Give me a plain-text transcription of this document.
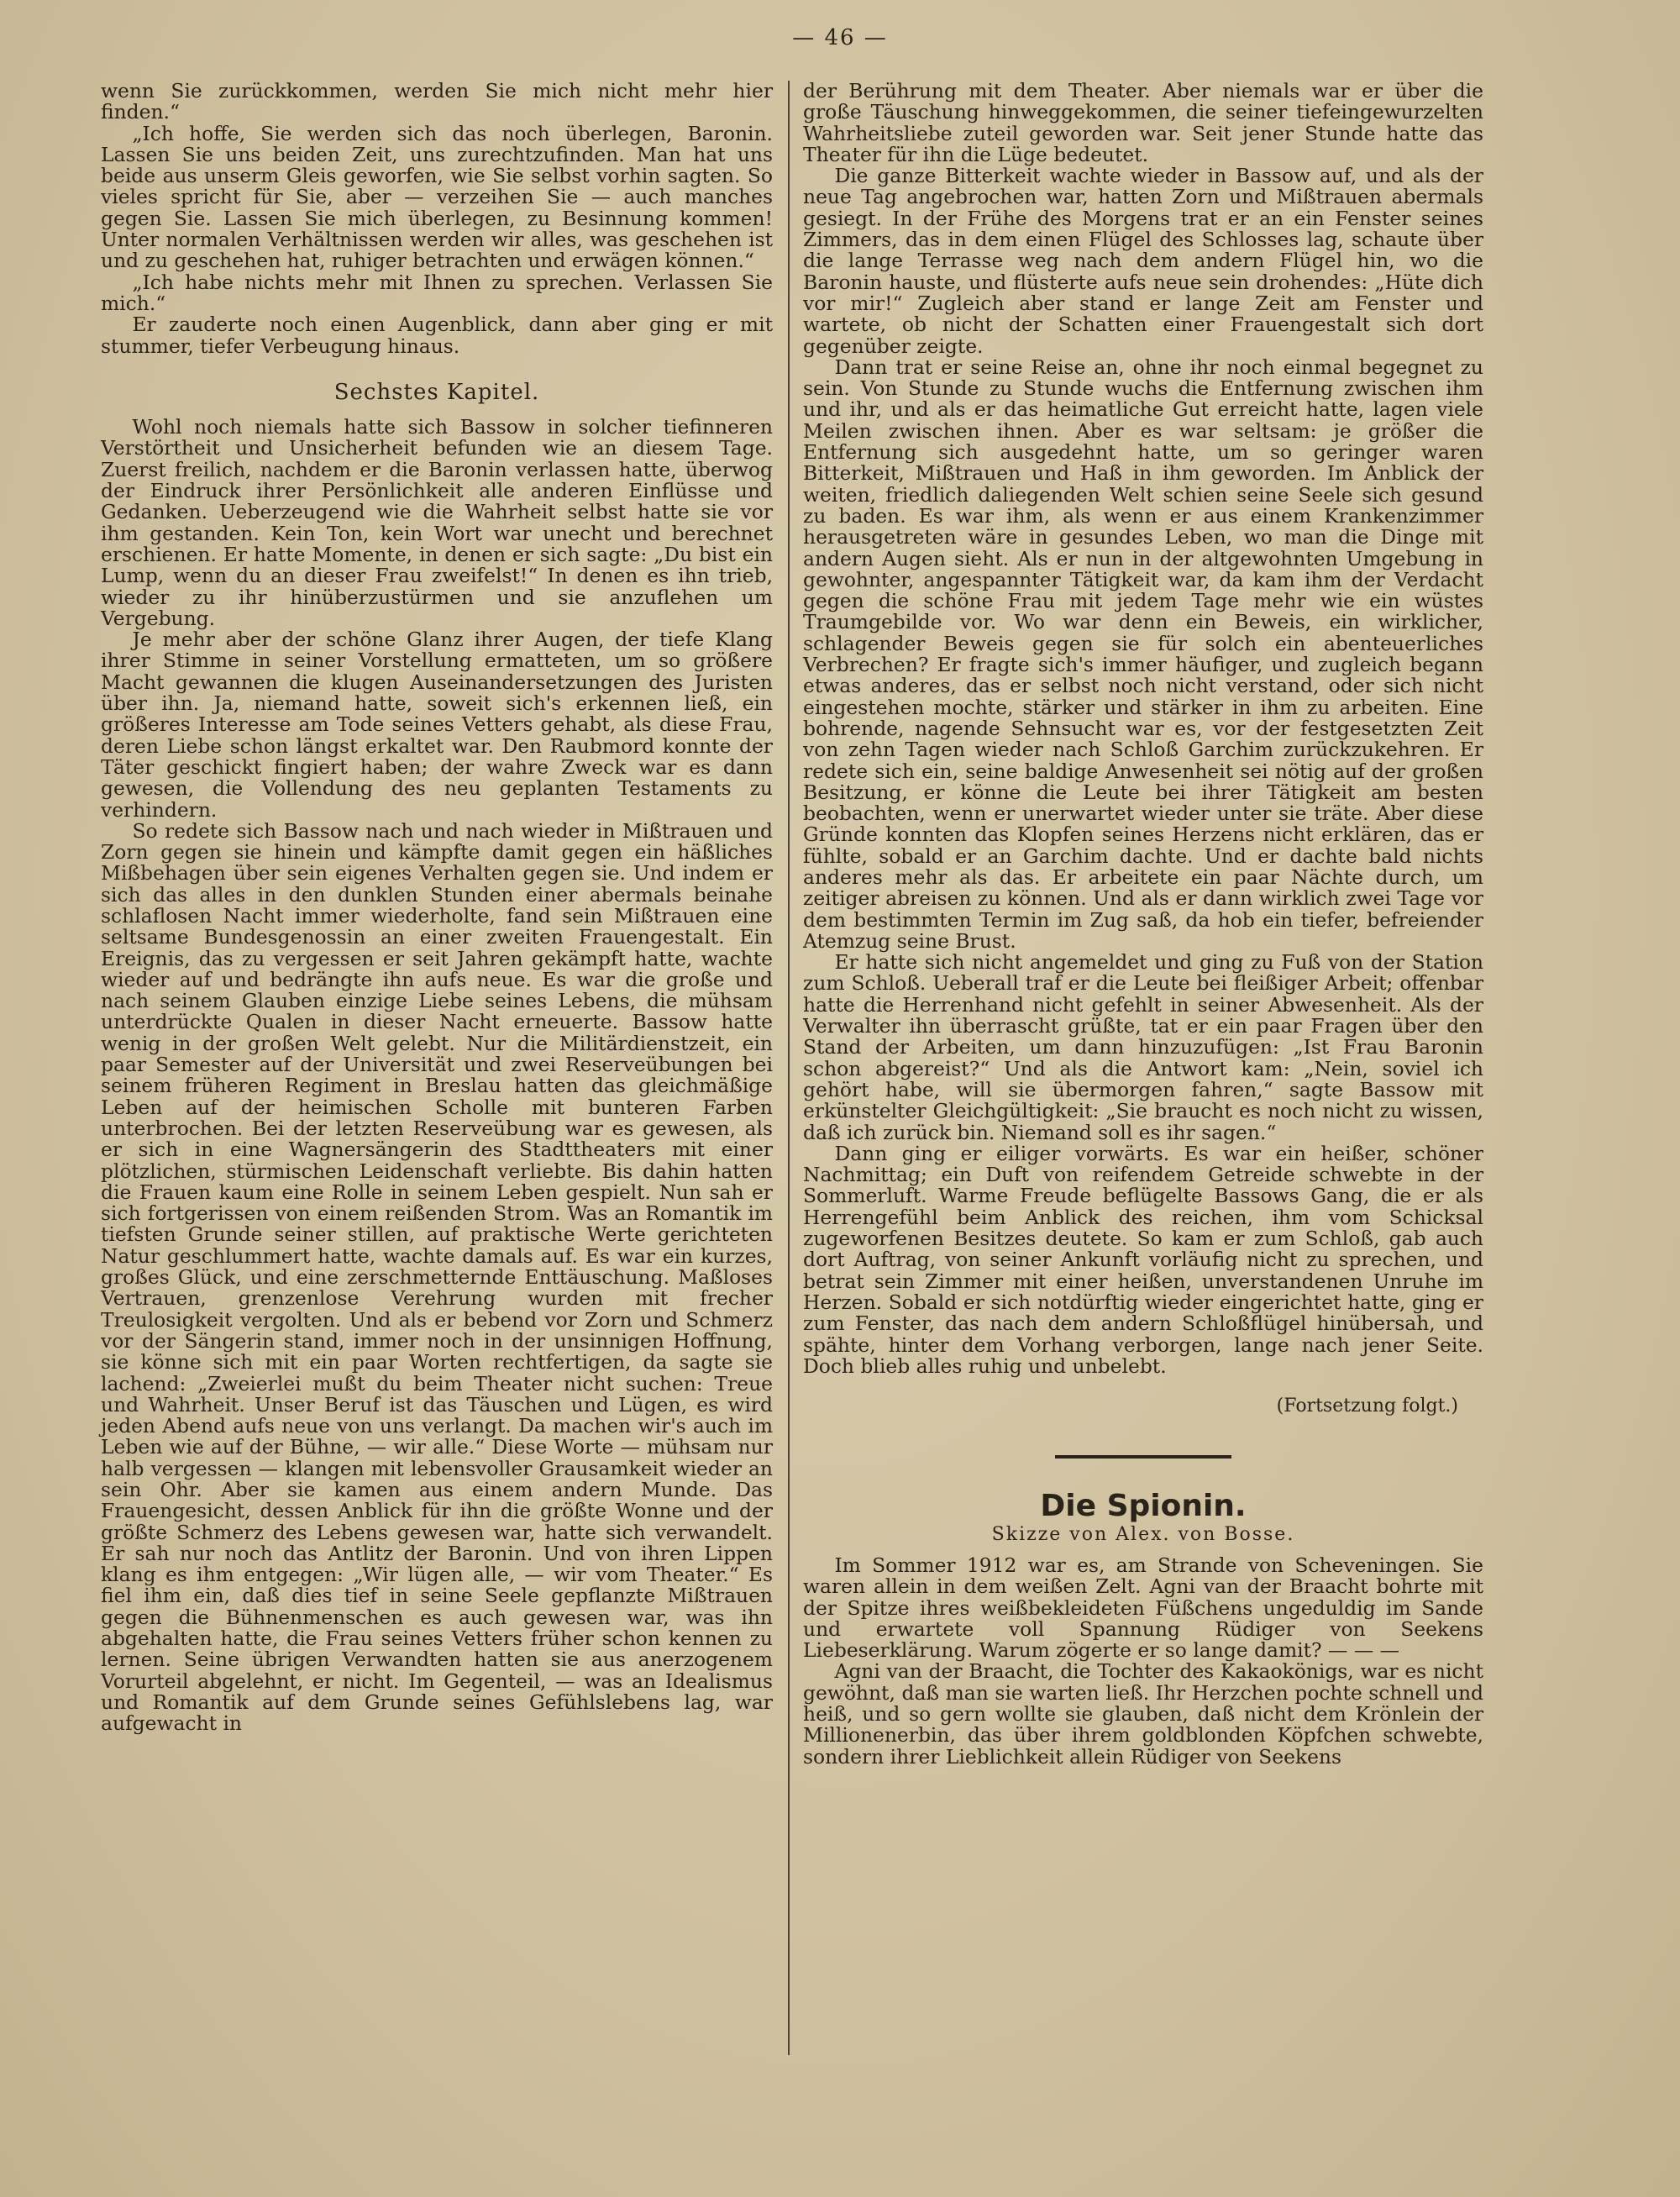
— 46 —

wenn Sie zurückkommen, werden Sie mich nicht mehr hier finden.“

„Ich hoffe, Sie werden sich das noch überlegen, Baronin. Lassen Sie uns beiden Zeit, uns zurechtzufinden. Man hat uns beide aus unserm Gleis geworfen, wie Sie selbst vorhin sagten. So vieles spricht für Sie, aber — verzeihen Sie — auch manches gegen Sie. Lassen Sie mich überlegen, zu Besinnung kommen! Unter normalen Verhältnissen werden wir alles, was geschehen ist und zu geschehen hat, ruhiger betrachten und erwägen können.“

„Ich habe nichts mehr mit Ihnen zu sprechen. Verlassen Sie mich.“

Er zauderte noch einen Augenblick, dann aber ging er mit stummer, tiefer Verbeugung hinaus.

Sechstes Kapitel.

Wohl noch niemals hatte sich Bassow in solcher tiefinneren Verstörtheit und Unsicherheit befunden wie an diesem Tage. Zuerst freilich, nachdem er die Baronin verlassen hatte, überwog der Eindruck ihrer Persönlichkeit alle anderen Einflüsse und Gedanken. Ueberzeugend wie die Wahrheit selbst hatte sie vor ihm gestanden. Kein Ton, kein Wort war unecht und berechnet erschienen. Er hatte Momente, in denen er sich sagte: „Du bist ein Lump, wenn du an dieser Frau zweifelst!“ In denen es ihn trieb, wieder zu ihr hinüberzustürmen und sie anzuflehen um Vergebung.

Je mehr aber der schöne Glanz ihrer Augen, der tiefe Klang ihrer Stimme in seiner Vorstellung ermatteten, um so größere Macht gewannen die klugen Auseinandersetzungen des Juristen über ihn. Ja, niemand hatte, soweit sich's erkennen ließ, ein größeres Interesse am Tode seines Vetters gehabt, als diese Frau, deren Liebe schon längst erkaltet war. Den Raubmord konnte der Täter geschickt fingiert haben; der wahre Zweck war es dann gewesen, die Vollendung des neu geplanten Testaments zu verhindern.

So redete sich Bassow nach und nach wieder in Mißtrauen und Zorn gegen sie hinein und kämpfte damit gegen ein häßliches Mißbehagen über sein eigenes Verhalten gegen sie. Und indem er sich das alles in den dunklen Stunden einer abermals beinahe schlaflosen Nacht immer wiederholte, fand sein Mißtrauen eine seltsame Bundesgenossin an einer zweiten Frauengestalt. Ein Ereignis, das zu vergessen er seit Jahren gekämpft hatte, wachte wieder auf und bedrängte ihn aufs neue. Es war die große und nach seinem Glauben einzige Liebe seines Lebens, die mühsam unterdrückte Qualen in dieser Nacht erneuerte. Bassow hatte wenig in der großen Welt gelebt. Nur die Militärdienstzeit, ein paar Semester auf der Universität und zwei Reserveübungen bei seinem früheren Regiment in Breslau hatten das gleichmäßige Leben auf der heimischen Scholle mit bunteren Farben unterbrochen. Bei der letzten Reserveübung war es gewesen, als er sich in eine Wagnersängerin des Stadttheaters mit einer plötzlichen, stürmischen Leidenschaft verliebte. Bis dahin hatten die Frauen kaum eine Rolle in seinem Leben gespielt. Nun sah er sich fortgerissen von einem reißenden Strom. Was an Romantik im tiefsten Grunde seiner stillen, auf praktische Werte gerichteten Natur geschlummert hatte, wachte damals auf. Es war ein kurzes, großes Glück, und eine zerschmetternde Enttäuschung. Maßloses Vertrauen, grenzenlose Verehrung wurden mit frecher Treulosigkeit vergolten. Und als er bebend vor Zorn und Schmerz vor der Sängerin stand, immer noch in der unsinnigen Hoffnung, sie könne sich mit ein paar Worten rechtfertigen, da sagte sie lachend: „Zweierlei mußt du beim Theater nicht suchen: Treue und Wahrheit. Unser Beruf ist das Täuschen und Lügen, es wird jeden Abend aufs neue von uns verlangt. Da machen wir's auch im Leben wie auf der Bühne, — wir alle.“ Diese Worte — mühsam nur halb vergessen — klangen mit lebensvoller Grausamkeit wieder an sein Ohr. Aber sie kamen aus einem andern Munde. Das Frauengesicht, dessen Anblick für ihn die größte Wonne und der größte Schmerz des Lebens gewesen war, hatte sich verwandelt. Er sah nur noch das Antlitz der Baronin. Und von ihren Lippen klang es ihm entgegen: „Wir lügen alle, — wir vom Theater.“ Es fiel ihm ein, daß dies tief in seine Seele gepflanzte Mißtrauen gegen die Bühnenmenschen es auch gewesen war, was ihn abgehalten hatte, die Frau seines Vetters früher schon kennen zu lernen. Seine übrigen Verwandten hatten sie aus anerzogenem Vorurteil abgelehnt, er nicht. Im Gegenteil, — was an Idealismus und Romantik auf dem Grunde seines Gefühlslebens lag, war aufgewacht in

der Berührung mit dem Theater. Aber niemals war er über die große Täuschung hinweggekommen, die seiner tiefeingewurzelten Wahrheitsliebe zuteil geworden war. Seit jener Stunde hatte das Theater für ihn die Lüge bedeutet.

Die ganze Bitterkeit wachte wieder in Bassow auf, und als der neue Tag angebrochen war, hatten Zorn und Mißtrauen abermals gesiegt. In der Frühe des Morgens trat er an ein Fenster seines Zimmers, das in dem einen Flügel des Schlosses lag, schaute über die lange Terrasse weg nach dem andern Flügel hin, wo die Baronin hauste, und flüsterte aufs neue sein drohendes: „Hüte dich vor mir!“ Zugleich aber stand er lange Zeit am Fenster und wartete, ob nicht der Schatten einer Frauengestalt sich dort gegenüber zeigte.

Dann trat er seine Reise an, ohne ihr noch einmal begegnet zu sein. Von Stunde zu Stunde wuchs die Entfernung zwischen ihm und ihr, und als er das heimatliche Gut erreicht hatte, lagen viele Meilen zwischen ihnen. Aber es war seltsam: je größer die Entfernung sich ausgedehnt hatte, um so geringer waren Bitterkeit, Mißtrauen und Haß in ihm geworden. Im Anblick der weiten, friedlich daliegenden Welt schien seine Seele sich gesund zu baden. Es war ihm, als wenn er aus einem Krankenzimmer herausgetreten wäre in gesundes Leben, wo man die Dinge mit andern Augen sieht. Als er nun in der altgewohnten Umgebung in gewohnter, angespannter Tätigkeit war, da kam ihm der Verdacht gegen die schöne Frau mit jedem Tage mehr wie ein wüstes Traumgebilde vor. Wo war denn ein Beweis, ein wirklicher, schlagender Beweis gegen sie für solch ein abenteuerliches Verbrechen? Er fragte sich's immer häufiger, und zugleich begann etwas anderes, das er selbst noch nicht verstand, oder sich nicht eingestehen mochte, stärker und stärker in ihm zu arbeiten. Eine bohrende, nagende Sehnsucht war es, vor der festgesetzten Zeit von zehn Tagen wieder nach Schloß Garchim zurückzukehren. Er redete sich ein, seine baldige Anwesenheit sei nötig auf der großen Besitzung, er könne die Leute bei ihrer Tätigkeit am besten beobachten, wenn er unerwartet wieder unter sie träte. Aber diese Gründe konnten das Klopfen seines Herzens nicht erklären, das er fühlte, sobald er an Garchim dachte. Und er dachte bald nichts anderes mehr als das. Er arbeitete ein paar Nächte durch, um zeitiger abreisen zu können. Und als er dann wirklich zwei Tage vor dem bestimmten Termin im Zug saß, da hob ein tiefer, befreiender Atemzug seine Brust.

Er hatte sich nicht angemeldet und ging zu Fuß von der Station zum Schloß. Ueberall traf er die Leute bei fleißiger Arbeit; offenbar hatte die Herrenhand nicht gefehlt in seiner Abwesenheit. Als der Verwalter ihn überrascht grüßte, tat er ein paar Fragen über den Stand der Arbeiten, um dann hinzuzufügen: „Ist Frau Baronin schon abgereist?“ Und als die Antwort kam: „Nein, soviel ich gehört habe, will sie übermorgen fahren,“ sagte Bassow mit erkünstelter Gleichgültigkeit: „Sie braucht es noch nicht zu wissen, daß ich zurück bin. Niemand soll es ihr sagen.“

Dann ging er eiliger vorwärts. Es war ein heißer, schöner Nachmittag; ein Duft von reifendem Getreide schwebte in der Sommerluft. Warme Freude beflügelte Bassows Gang, die er als Herrengefühl beim Anblick des reichen, ihm vom Schicksal zugeworfenen Besitzes deutete. So kam er zum Schloß, gab auch dort Auftrag, von seiner Ankunft vorläufig nicht zu sprechen, und betrat sein Zimmer mit einer heißen, unverstandenen Unruhe im Herzen. Sobald er sich notdürftig wieder eingerichtet hatte, ging er zum Fenster, das nach dem andern Schloßflügel hinübersah, und spähte, hinter dem Vorhang verborgen, lange nach jener Seite. Doch blieb alles ruhig und unbelebt.

(Fortsetzung folgt.)
Die Spionin.
Skizze von Alex. von Bosse.

Im Sommer 1912 war es, am Strande von Scheveningen. Sie waren allein in dem weißen Zelt. Agni van der Braacht bohrte mit der Spitze ihres weißbekleideten Füßchens ungeduldig im Sande und erwartete voll Spannung Rüdiger von Seekens Liebeserklärung. Warum zögerte er so lange damit? — — —

Agni van der Braacht, die Tochter des Kakaokönigs, war es nicht gewöhnt, daß man sie warten ließ. Ihr Herzchen pochte schnell und heiß, und so gern wollte sie glauben, daß nicht dem Krönlein der Millionenerbin, das über ihrem goldblonden Köpfchen schwebte, sondern ihrer Lieblichkeit allein Rüdiger von Seekens
